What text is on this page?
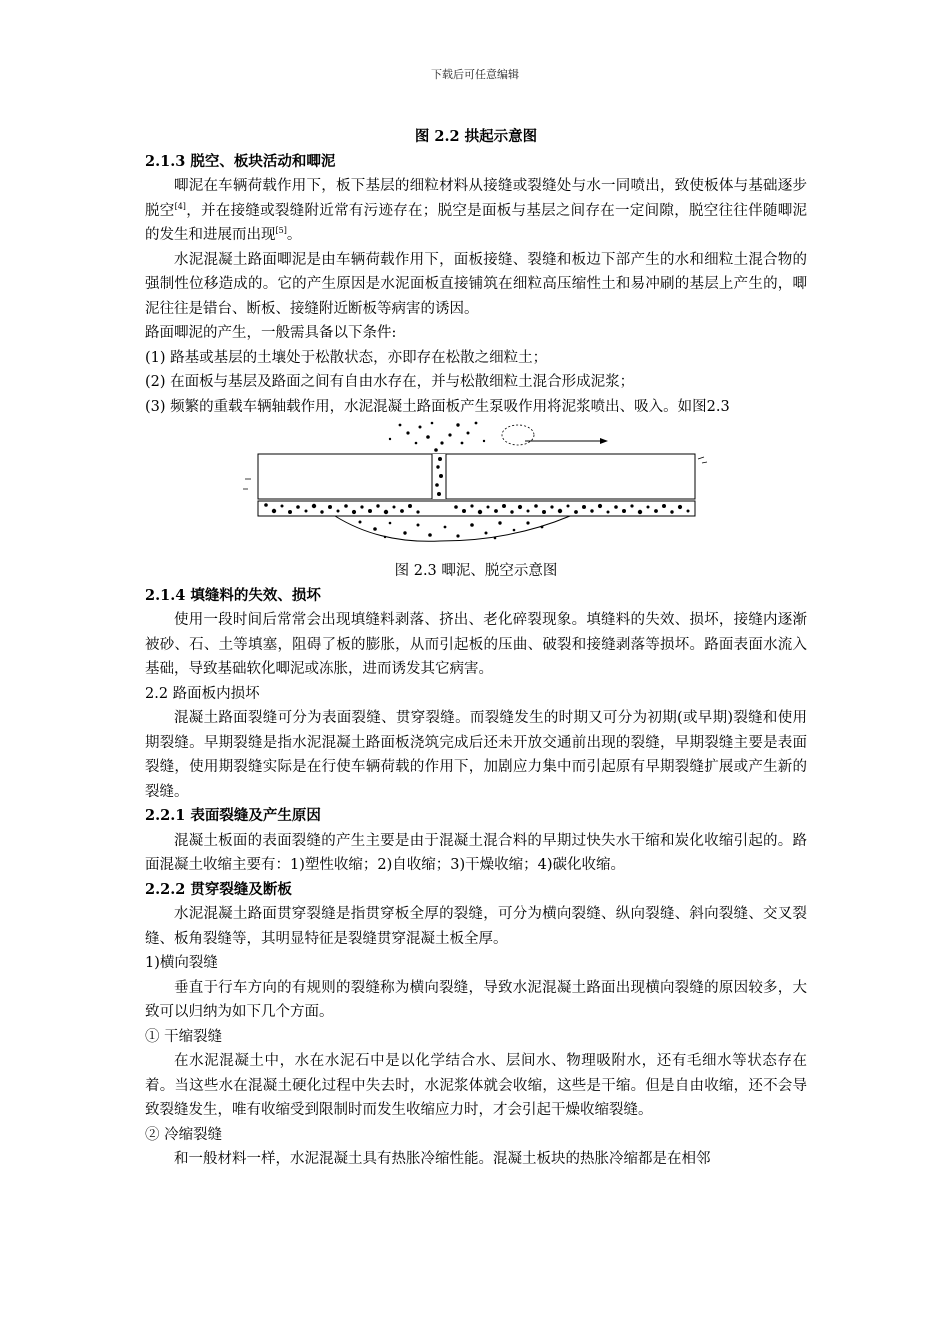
下载后可任意编辑

图 2.2 拱起示意图

2.1.3 脱空、板块活动和唧泥

唧泥在车辆荷载作用下，板下基层的细粒材料从接缝或裂缝处与水一同喷出，致使板体与基础逐步脱空[4]，并在接缝或裂缝附近常有污迹存在；脱空是面板与基层之间存在一定间隙，脱空往往伴随唧泥的发生和进展而出现[5]。

水泥混凝土路面唧泥是由车辆荷载作用下，面板接缝、裂缝和板边下部产生的水和细粒土混合物的强制性位移造成的。它的产生原因是水泥面板直接铺筑在细粒高压缩性土和易冲刷的基层上产生的，唧泥往往是错台、断板、接缝附近断板等病害的诱因。

路面唧泥的产生，一般需具备以下条件:

(1) 路基或基层的土壤处于松散状态，亦即存在松散之细粒土；

(2) 在面板与基层及路面之间有自由水存在，并与松散细粒土混合形成泥浆；

(3) 频繁的重载车辆轴载作用，水泥混凝土路面板产生泵吸作用将泥浆喷出、吸入。如图2.3

图 2.3 唧泥、脱空示意图

2.1.4 填缝料的失效、损坏

使用一段时间后常常会出现填缝料剥落、挤出、老化碎裂现象。填缝料的失效、损坏，接缝内逐渐被砂、石、土等填塞，阻碍了板的膨胀，从而引起板的压曲、破裂和接缝剥落等损坏。路面表面水流入基础，导致基础软化唧泥或冻胀，进而诱发其它病害。

2.2 路面板内损坏

混凝土路面裂缝可分为表面裂缝、贯穿裂缝。而裂缝发生的时期又可分为初期(或早期)裂缝和使用期裂缝。早期裂缝是指水泥混凝土路面板浇筑完成后还未开放交通前出现的裂缝，早期裂缝主要是表面裂缝，使用期裂缝实际是在行使车辆荷载的作用下，加剧应力集中而引起原有早期裂缝扩展或产生新的裂缝。

2.2.1 表面裂缝及产生原因

混凝土板面的表面裂缝的产生主要是由于混凝土混合料的早期过快失水干缩和炭化收缩引起的。路面混凝土收缩主要有：1)塑性收缩；2)自收缩；3)干燥收缩；4)碳化收缩。

2.2.2 贯穿裂缝及断板

水泥混凝土路面贯穿裂缝是指贯穿板全厚的裂缝，可分为横向裂缝、纵向裂缝、斜向裂缝、交叉裂缝、板角裂缝等，其明显特征是裂缝贯穿混凝土板全厚。

1)横向裂缝

垂直于行车方向的有规则的裂缝称为横向裂缝，导致水泥混凝土路面出现横向裂缝的原因较多，大致可以归纳为如下几个方面。

① 干缩裂缝

在水泥混凝土中，水在水泥石中是以化学结合水、层间水、物理吸附水，还有毛细水等状态存在着。当这些水在混凝土硬化过程中失去时，水泥浆体就会收缩，这些是干缩。但是自由收缩，还不会导致裂缝发生，唯有收缩受到限制时而发生收缩应力时，才会引起干燥收缩裂缝。

② 冷缩裂缝

和一般材料一样，水泥混凝土具有热胀冷缩性能。混凝土板块的热胀冷缩都是在相邻
